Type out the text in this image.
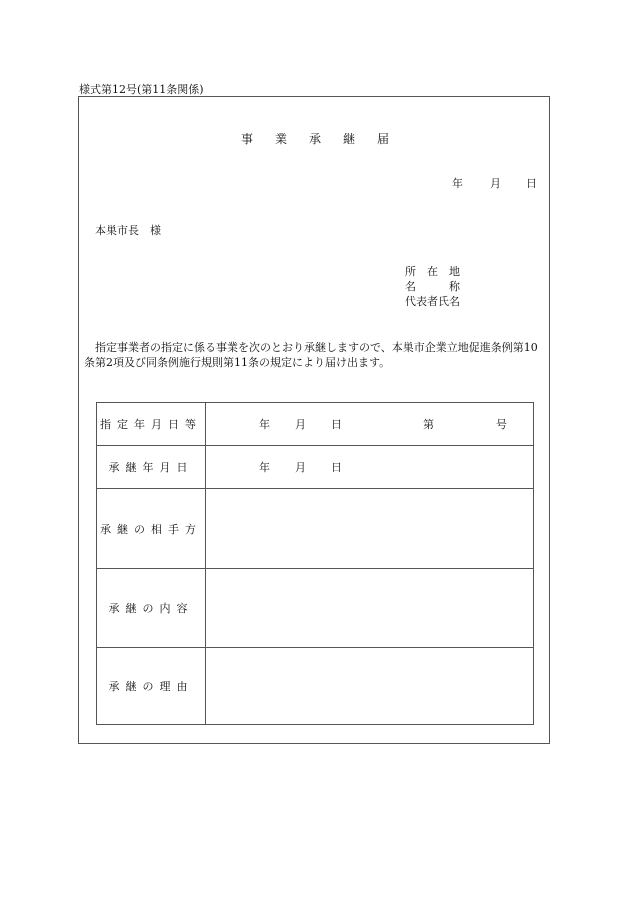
様式第12号(第11条関係)
事業承継届
年 月 日
本巣市長　様
所　在　地
名　　　称
代表者氏名

指定事業者の指定に係る事業を次のとおり承継しますので、本巣市企業立地促進条例第10条第2項及び同条例施行規則第11条の規定により届け出ます。

指定年月日等	年 月 日 第 号

承継年月日	年 月 日

承継の相手方	
承継の内容	
承継の理由	
